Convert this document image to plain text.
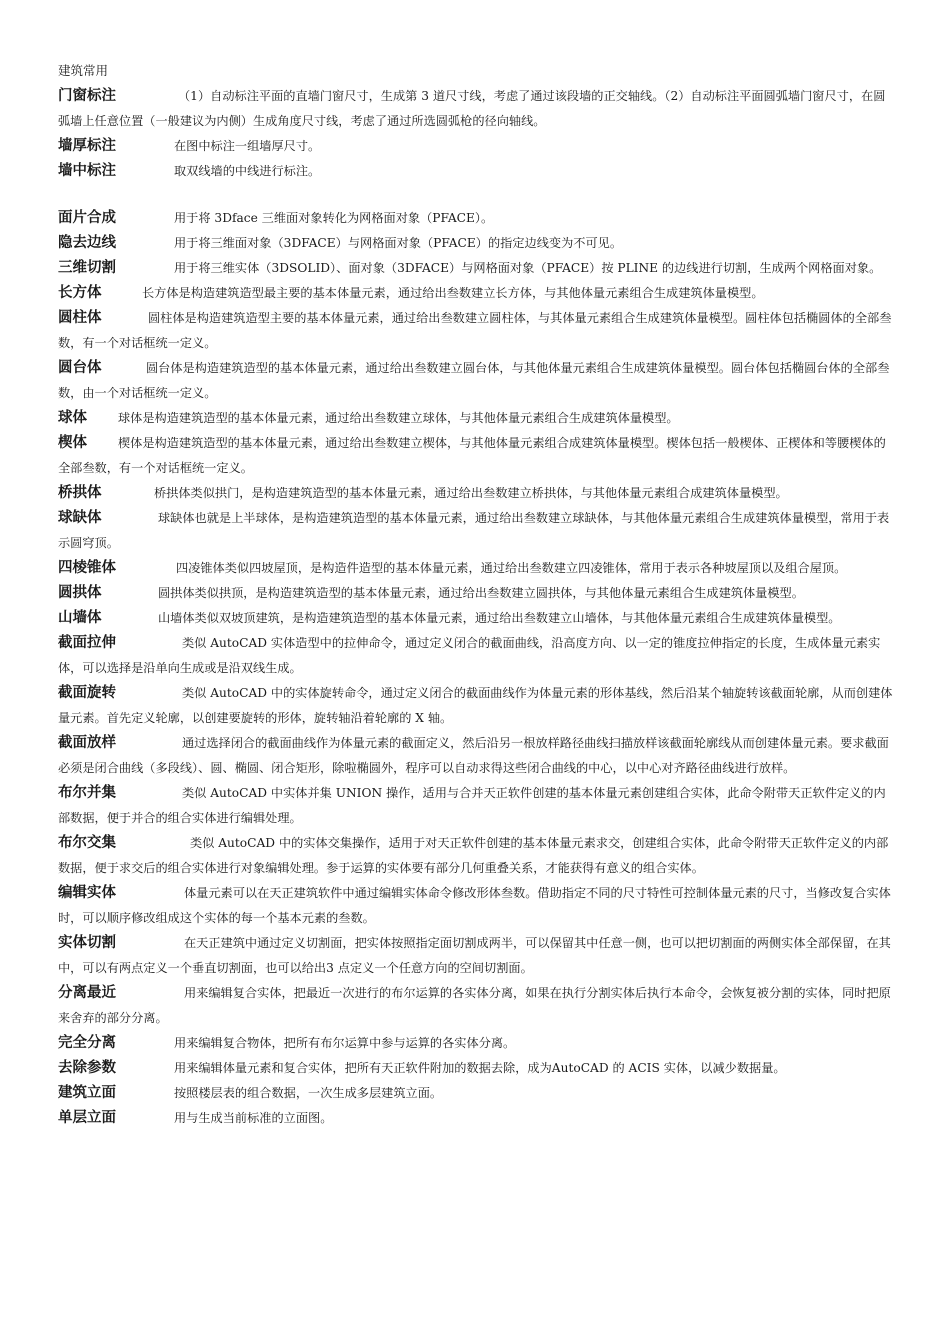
建筑常用
门窗标注	（1）自动标注平面的直墙门窗尺寸，生成第 3 道尺寸线，考虑了通过该段墙的正交轴线。（2）自动标注平面圆弧墙门窗尺寸，在圆弧墙上任意位置（一般建议为内侧）生成角度尺寸线，考虑了通过所选圆弧枪的径向轴线。
墙厚标注	在图中标注一组墙厚尺寸。
墙中标注	取双线墙的中线进行标注。
面片合成	用于将 3Dface 三维面对象转化为网格面对象（PFACE）。
隐去边线	用于将三维面对象（3DFACE）与网格面对象（PFACE）的指定边线变为不可见。
三维切割	用于将三维实体（3DSOLID）、面对象（3DFACE）与网格面对象（PFACE）按 PLINE 的边线进行切割，生成两个网格面对象。
长方体	长方体是构造建筑造型最主要的基本体量元素，通过给出叁数建立长方体，与其他体量元素组合生成建筑体量模型。
圆柱体	圆柱体是构造建筑造型主要的基本体量元素，通过给出叁数建立圆柱体，与其体量元素组合生成建筑体量模型。圆柱体包括椭圆体的全部叁数，有一个对话框统一定义。
圆台体	圆台体是构造建筑造型的基本体量元素，通过给出叁数建立圆台体，与其他体量元素组合生成建筑体量模型。圆台体包括椭圆台体的全部叁数，由一个对话框统一定义。
球体	球体是构造建筑造型的基本体量元素，通过给出叁数建立球体，与其他体量元素组合生成建筑体量模型。
楔体	楔体是构造建筑造型的基本体量元素，通过给出叁数建立楔体，与其他体量元素组合成建筑体量模型。楔体包括一般楔体、正楔体和等腰楔体的全部叁数，有一个对话框统一定义。
桥拱体	桥拱体类似拱门，是构造建筑造型的基本体量元素，通过给出叁数建立桥拱体，与其他体量元素组合成建筑体量模型。
球缺体	球缺体也就是上半球体，是构造建筑造型的基本体量元素，通过给出叁数建立球缺体，与其他体量元素组合生成建筑体量模型，常用于表示圆穹顶。
四棱锥体	四凌锥体类似四坡屋顶，是构造件造型的基本体量元素，通过给出叁数建立四凌锥体，常用于表示各种坡屋顶以及组合屋顶。
圆拱体	圆拱体类似拱顶，是构造建筑造型的基本体量元素，通过给出叁数建立圆拱体，与其他体量元素组合生成建筑体量模型。
山墙体	山墙体类似双坡顶建筑，是构造建筑造型的基本体量元素，通过给出叁数建立山墙体，与其他体量元素组合生成建筑体量模型。
截面拉伸	类似 AutoCAD 实体造型中的拉伸命令，通过定义闭合的截面曲线，沿高度方向、以一定的锥度拉伸指定的长度，生成体量元素实体，可以选择是沿单向生成或是沿双线生成。
截面旋转	类似 AutoCAD 中的实体旋转命令，通过定义闭合的截面曲线作为体量元素的形体基线，然后沿某个轴旋转该截面轮廓，从而创建体量元素。首先定义轮廓，以创建要旋转的形体，旋转轴沿着轮廓的 X 轴。
截面放样	通过选择闭合的截面曲线作为体量元素的截面定义，然后沿另一根放样路径曲线扫描放样该截面轮廓线从而创建体量元素。要求截面必须是闭合曲线（多段线）、圆、椭圆、闭合矩形，除啦椭圆外，程序可以自动求得这些闭合曲线的中心，以中心对齐路径曲线进行放样。
布尔并集	类似 AutoCAD 中实体并集 UNION 操作，适用与合并天正软件创建的基本体量元素创建组合实体，此命令附带天正软件定义的内部数据，便于并合的组合实体进行编辑处理。
布尔交集	类似 AutoCAD 中的实体交集操作，适用于对天正软件创建的基本体量元素求交，创建组合实体，此命令附带天正软件定义的内部数据，便于求交后的组合实体进行对象编辑处理。参于运算的实体要有部分几何重叠关系，才能获得有意义的组合实体。
编辑实体	体量元素可以在天正建筑软件中通过编辑实体命令修改形体叁数。借助指定不同的尺寸特性可控制体量元素的尺寸，当修改复合实体时，可以顺序修改组成这个实体的每一个基本元素的叁数。
实体切割	在天正建筑中通过定义切割面，把实体按照指定面切割成两半，可以保留其中任意一侧，也可以把切割面的两侧实体全部保留，在其中，可以有两点定义一个垂直切割面，也可以给出3 点定义一个任意方向的空间切割面。
分离最近	用来编辑复合实体，把最近一次进行的布尔运算的各实体分离，如果在执行分割实体后执行本命令，会恢复被分割的实体，同时把原来舍弃的部分分离。
完全分离	用来编辑复合物体，把所有布尔运算中参与运算的各实体分离。
去除参数	用来编辑体量元素和复合实体，把所有天正软件附加的数据去除，成为AutoCAD 的 ACIS 实体，以减少数据量。
建筑立面	按照楼层表的组合数据，一次生成多层建筑立面。
单层立面	用与生成当前标准的立面图。
